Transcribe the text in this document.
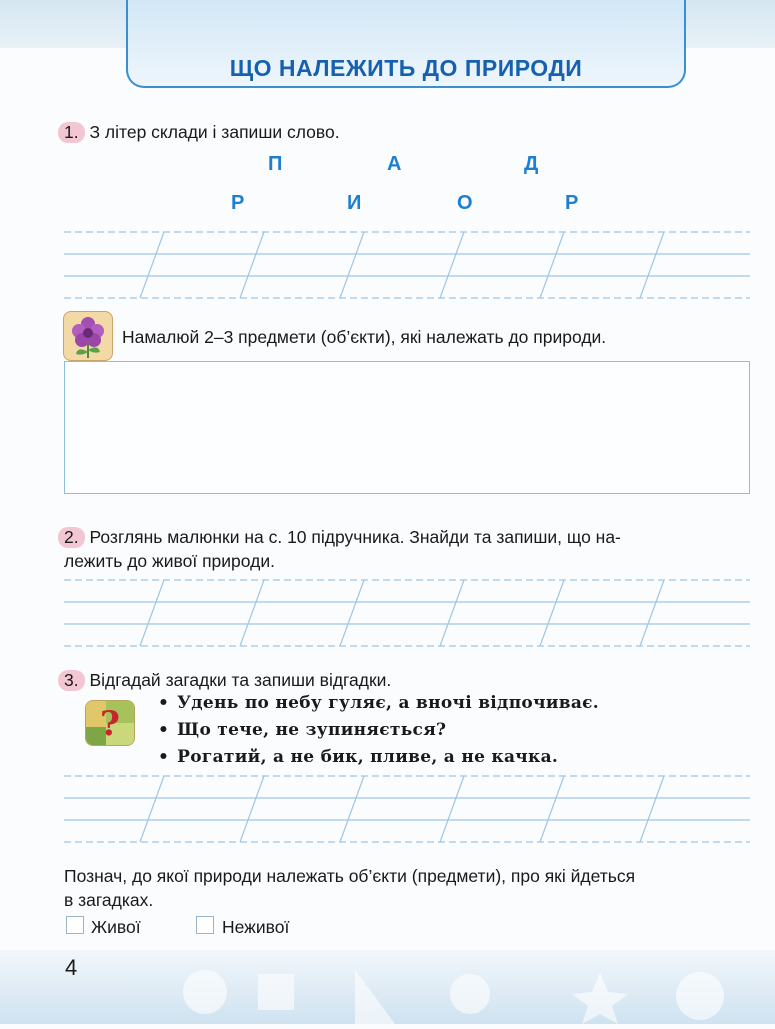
ЩО НАЛЕЖИТЬ ДО ПРИРОДИ
1. З літер склади і запиши слово.
П	А	Д
Р	И	О	Р
Намалюй 2–3 предмети (об’єкти), які належать до природи.
2. Розглянь малюнки на с. 10 підручника. Знайди та запиши, що на-
лежить до живої природи.
3. Відгадай загадки та запиши відгадки.
?
• Удень по небу гуляє, а вночі відпочиває.
• Що тече, не зупиняється?
• Рогатий, а не бик, пливе, а не качка.
Познач, до якої природи належать об’єкти (предмети), про які йдеться
в загадках.
Живої	Неживої
4
